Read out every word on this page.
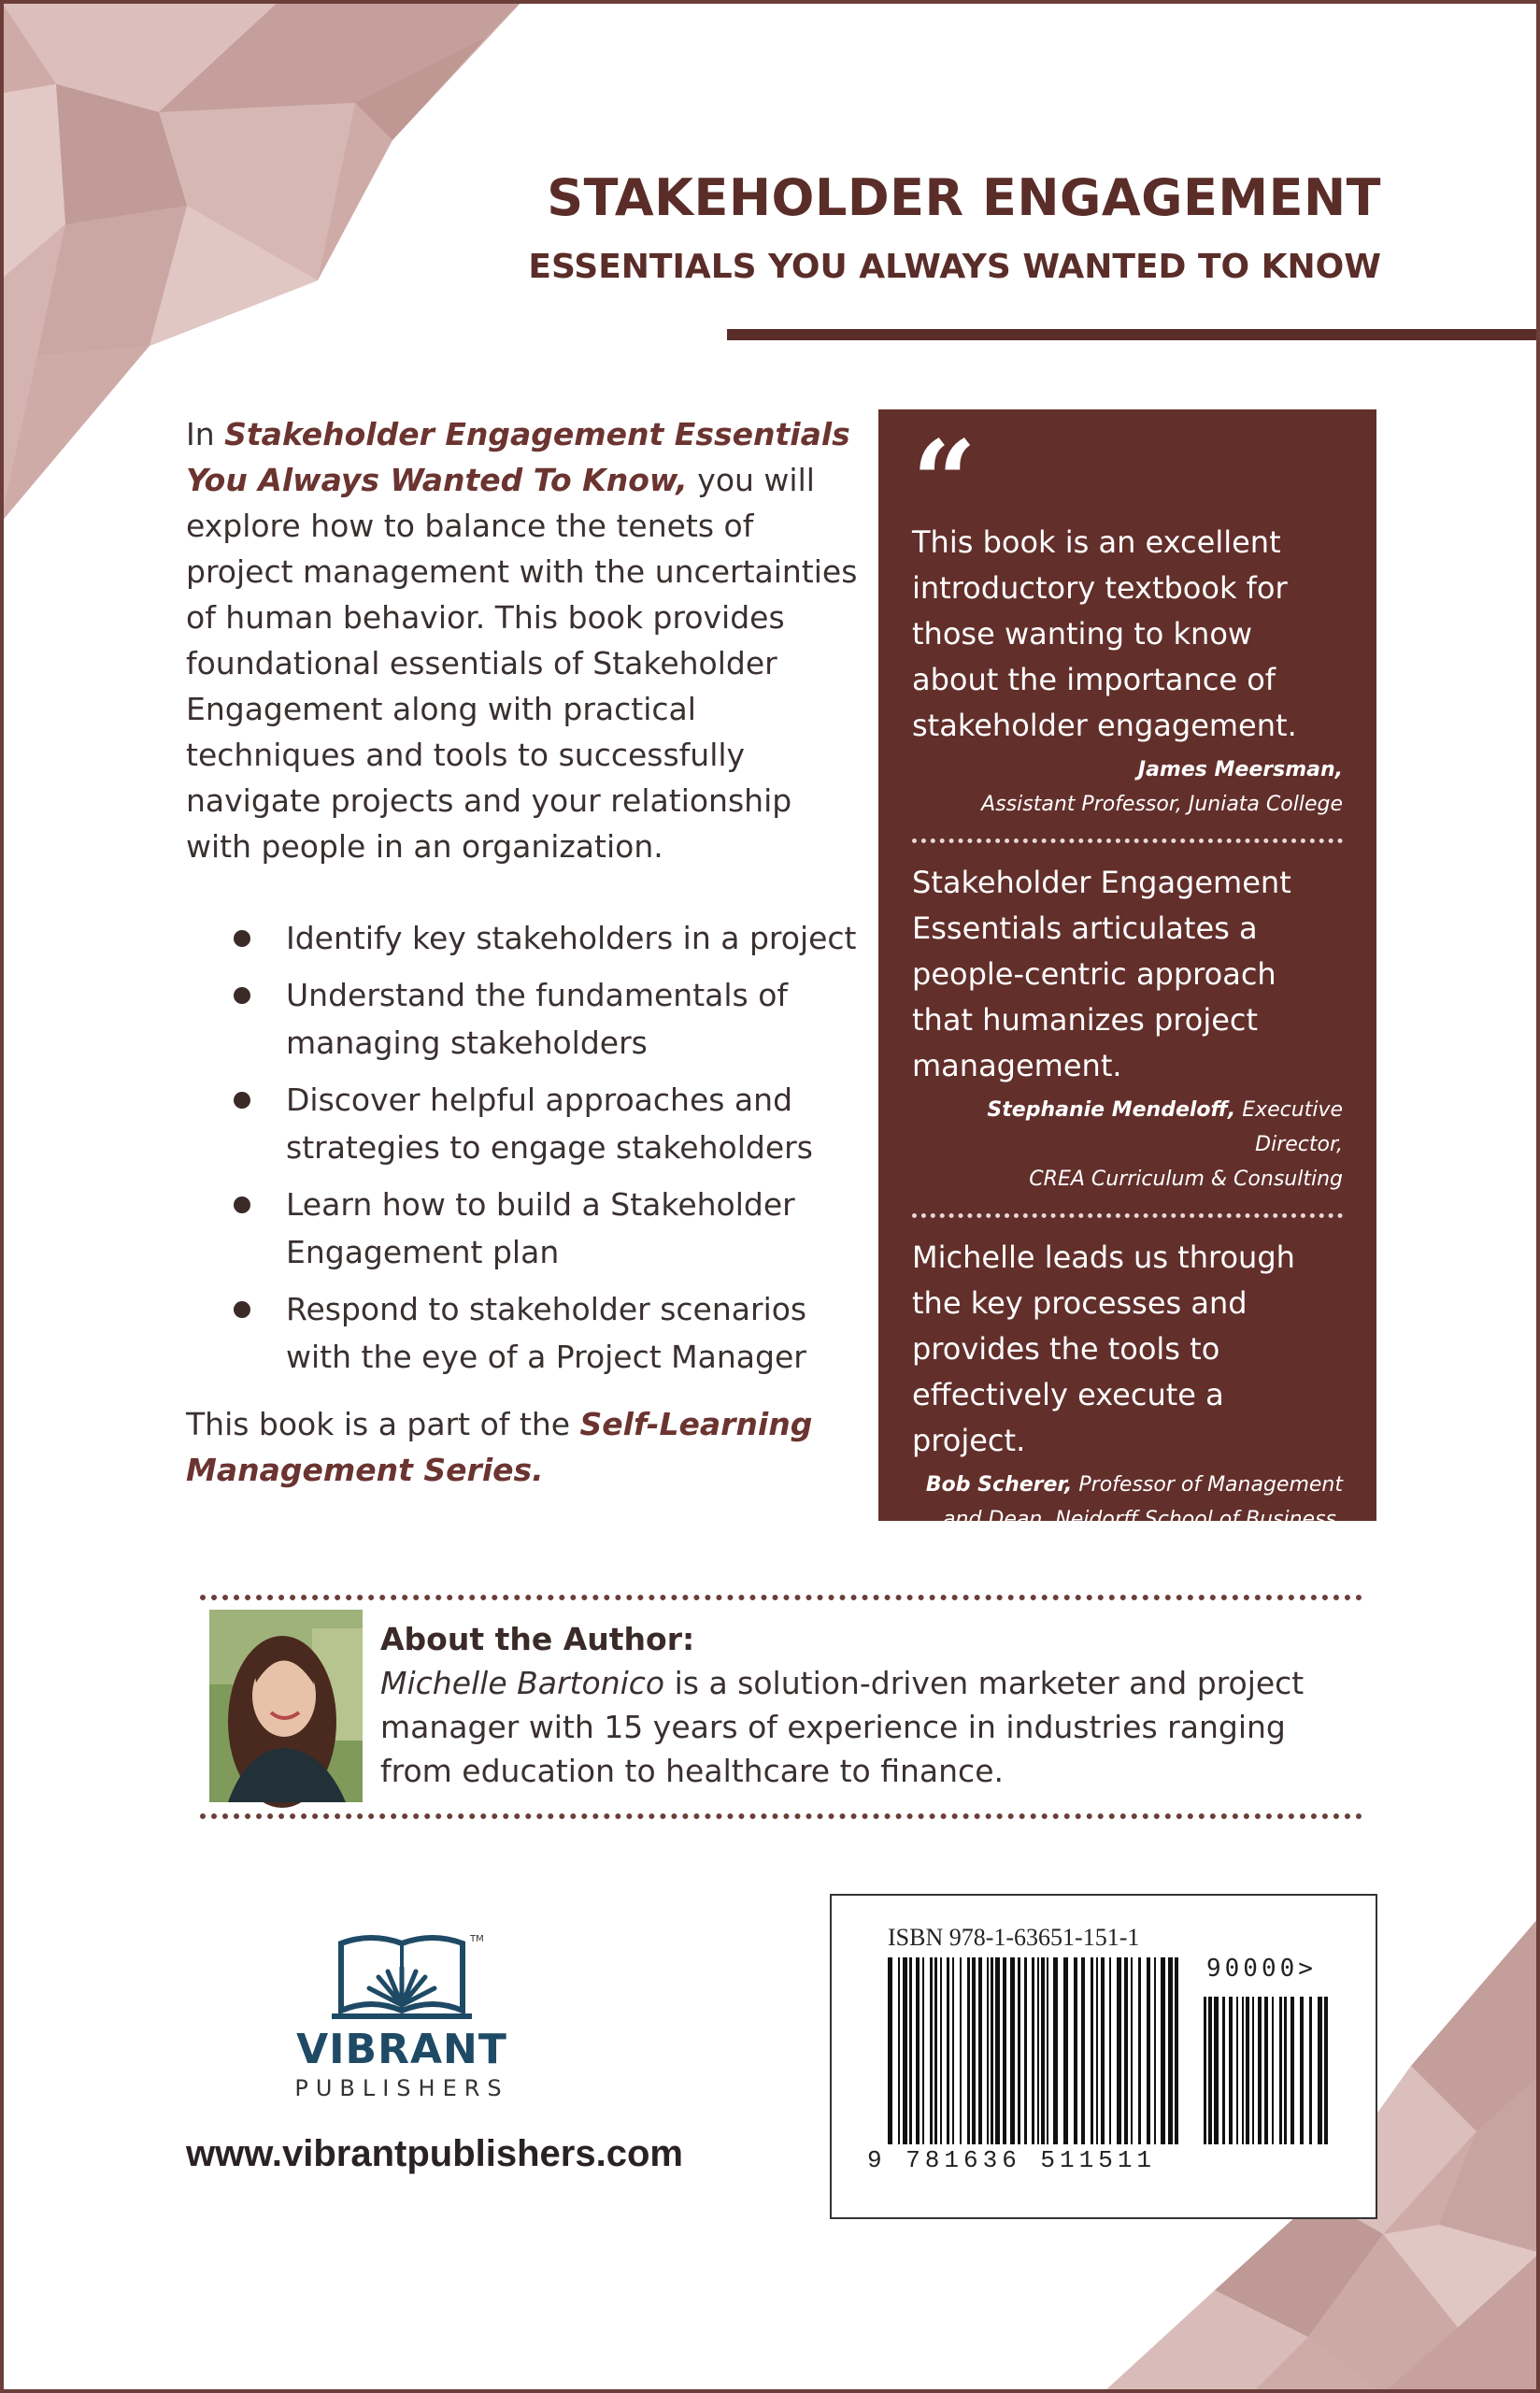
STAKEHOLDER ENGAGEMENT
ESSENTIALS YOU ALWAYS WANTED TO KNOW

In Stakeholder Engagement Essentials You Always Wanted To Know, you will explore how to balance the tenets of project management with the uncertainties of human behavior. This book provides foundational essentials of Stakeholder Engagement along with practical techniques and tools to successfully navigate projects and your relationship with people in an organization.

Identify key stakeholders in a project
Understand the fundamentals of managing stakeholders
Discover helpful approaches and strategies to engage stakeholders
Learn how to build a Stakeholder Engagement plan
Respond to stakeholder scenarios with the eye of a Project Manager
This book is a part of the Self-Learning Management Series.
“

This book is an excellent introductory textbook for those wanting to know about the importance of stakeholder engagement.

James Meersman,
Assistant Professor, Juniata College

Stakeholder Engagement Essentials articulates a people-centric approach that humanizes project management.

Stephanie Mendeloff, Executive Director,
CREA Curriculum & Consulting

Michelle leads us through the key processes and provides the tools to effectively execute a project.

Bob Scherer, Professor of Management
and Dean, Neidorff School of Business,
Trinity University
About the Author:
Michelle Bartonico is a solution-driven marketer and project manager with 15 years of experience in industries ranging from education to healthcare to finance.
TM
VIBRANT
PUBLISHERS
www.vibrantpublishers.com
ISBN 978-1-63651-151-1
90000>
9 781636 511511
